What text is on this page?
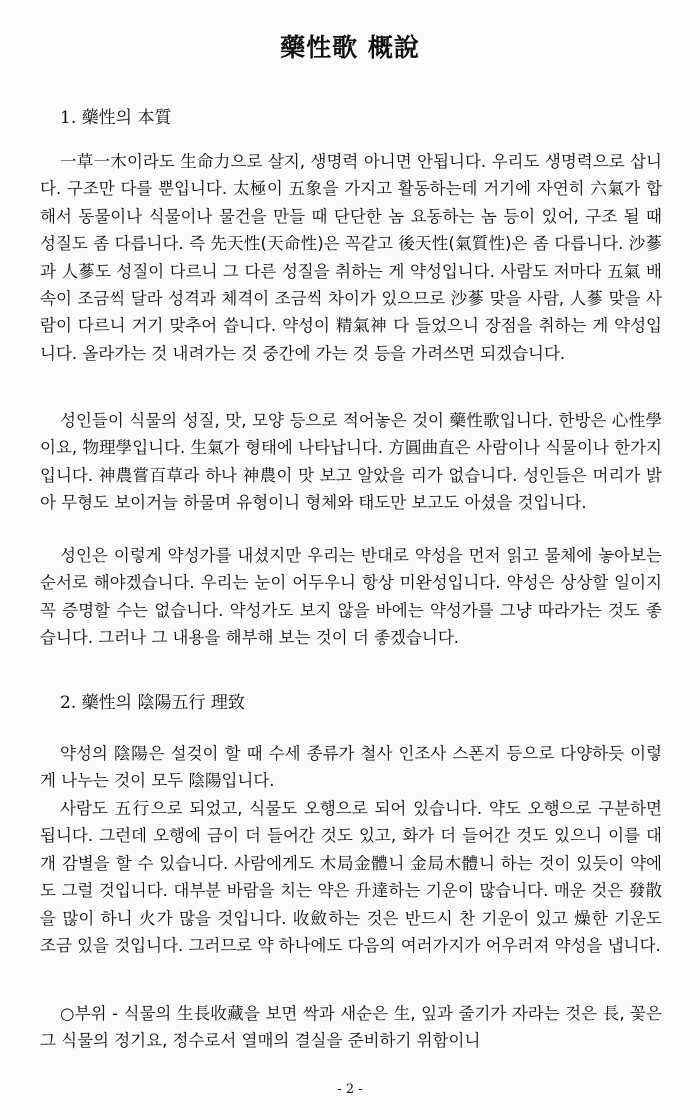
藥性歌 概說
1. 藥性의 本質

一草一木이라도 生命力으로 살지, 생명력 아니면 안됩니다. 우리도 생명력으로 삽니다. 구조만 다를 뿐입니다. 太極이 五象을 가지고 활동하는데 거기에 자연히 六氣가 합해서 동물이나 식물이나 물건을 만들 때 단단한 놈 요동하는 놈 등이 있어, 구조 될 때 성질도 좀 다릅니다. 즉 先天性(天命性)은 꼭같고 後天性(氣質性)은 좀 다릅니다. 沙蔘과 人蔘도 성질이 다르니 그 다른 성질을 취하는 게 약성입니다. 사람도 저마다 五氣 배속이 조금씩 달라 성격과 체격이 조금씩 차이가 있으므로 沙蔘 맞을 사람, 人蔘 맞을 사람이 다르니 거기 맞추어 씁니다. 약성이 精氣神 다 들었으니 장점을 취하는 게 약성입니다. 올라가는 것 내려가는 것 중간에 가는 것 등을 가려쓰면 되겠습니다.

성인들이 식물의 성질, 맛, 모양 등으로 적어놓은 것이 藥性歌입니다. 한방은 心性學이요, 物理學입니다. 生氣가 형태에 나타납니다. 方圓曲直은 사람이나 식물이나 한가지입니다. 神農嘗百草라 하나 神農이 맛 보고 알았을 리가 없습니다. 성인들은 머리가 밝아 무형도 보이거늘 하물며 유형이니 형체와 태도만 보고도 아셨을 것입니다.

성인은 이렇게 약성가를 내셨지만 우리는 반대로 약성을 먼저 읽고 물체에 놓아보는 순서로 해야겠습니다. 우리는 눈이 어두우니 항상 미완성입니다. 약성은 상상할 일이지 꼭 증명할 수는 없습니다. 약성가도 보지 않을 바에는 약성가를 그냥 따라가는 것도 좋습니다. 그러나 그 내용을 해부해 보는 것이 더 좋겠습니다.

2. 藥性의 陰陽五行 理致

약성의 陰陽은 설겆이 할 때 수세 종류가 철사 인조사 스폰지 등으로 다양하듯 이렇게 나누는 것이 모두 陰陽입니다.

사람도 五行으로 되었고, 식물도 오행으로 되어 있습니다. 약도 오행으로 구분하면 됩니다. 그런데 오행에 금이 더 들어간 것도 있고, 화가 더 들어간 것도 있으니 이를 대개 감별을 할 수 있습니다. 사람에게도 木局金體니 金局木體니 하는 것이 있듯이 약에도 그럴 것입니다. 대부분 바람을 치는 약은 升達하는 기운이 많습니다. 매운 것은 發散을 많이 하니 火가 많을 것입니다. 收斂하는 것은 반드시 찬 기운이 있고 燥한 기운도 조금 있을 것입니다. 그러므로 약 하나에도 다음의 여러가지가 어우러져 약성을 냅니다.

○부위 - 식물의 生長收藏을 보면 싹과 새순은 生, 잎과 줄기가 자라는 것은 長, 꽃은 그 식물의 정기요, 정수로서 열매의 결실을 준비하기 위함이니

- 2 -
